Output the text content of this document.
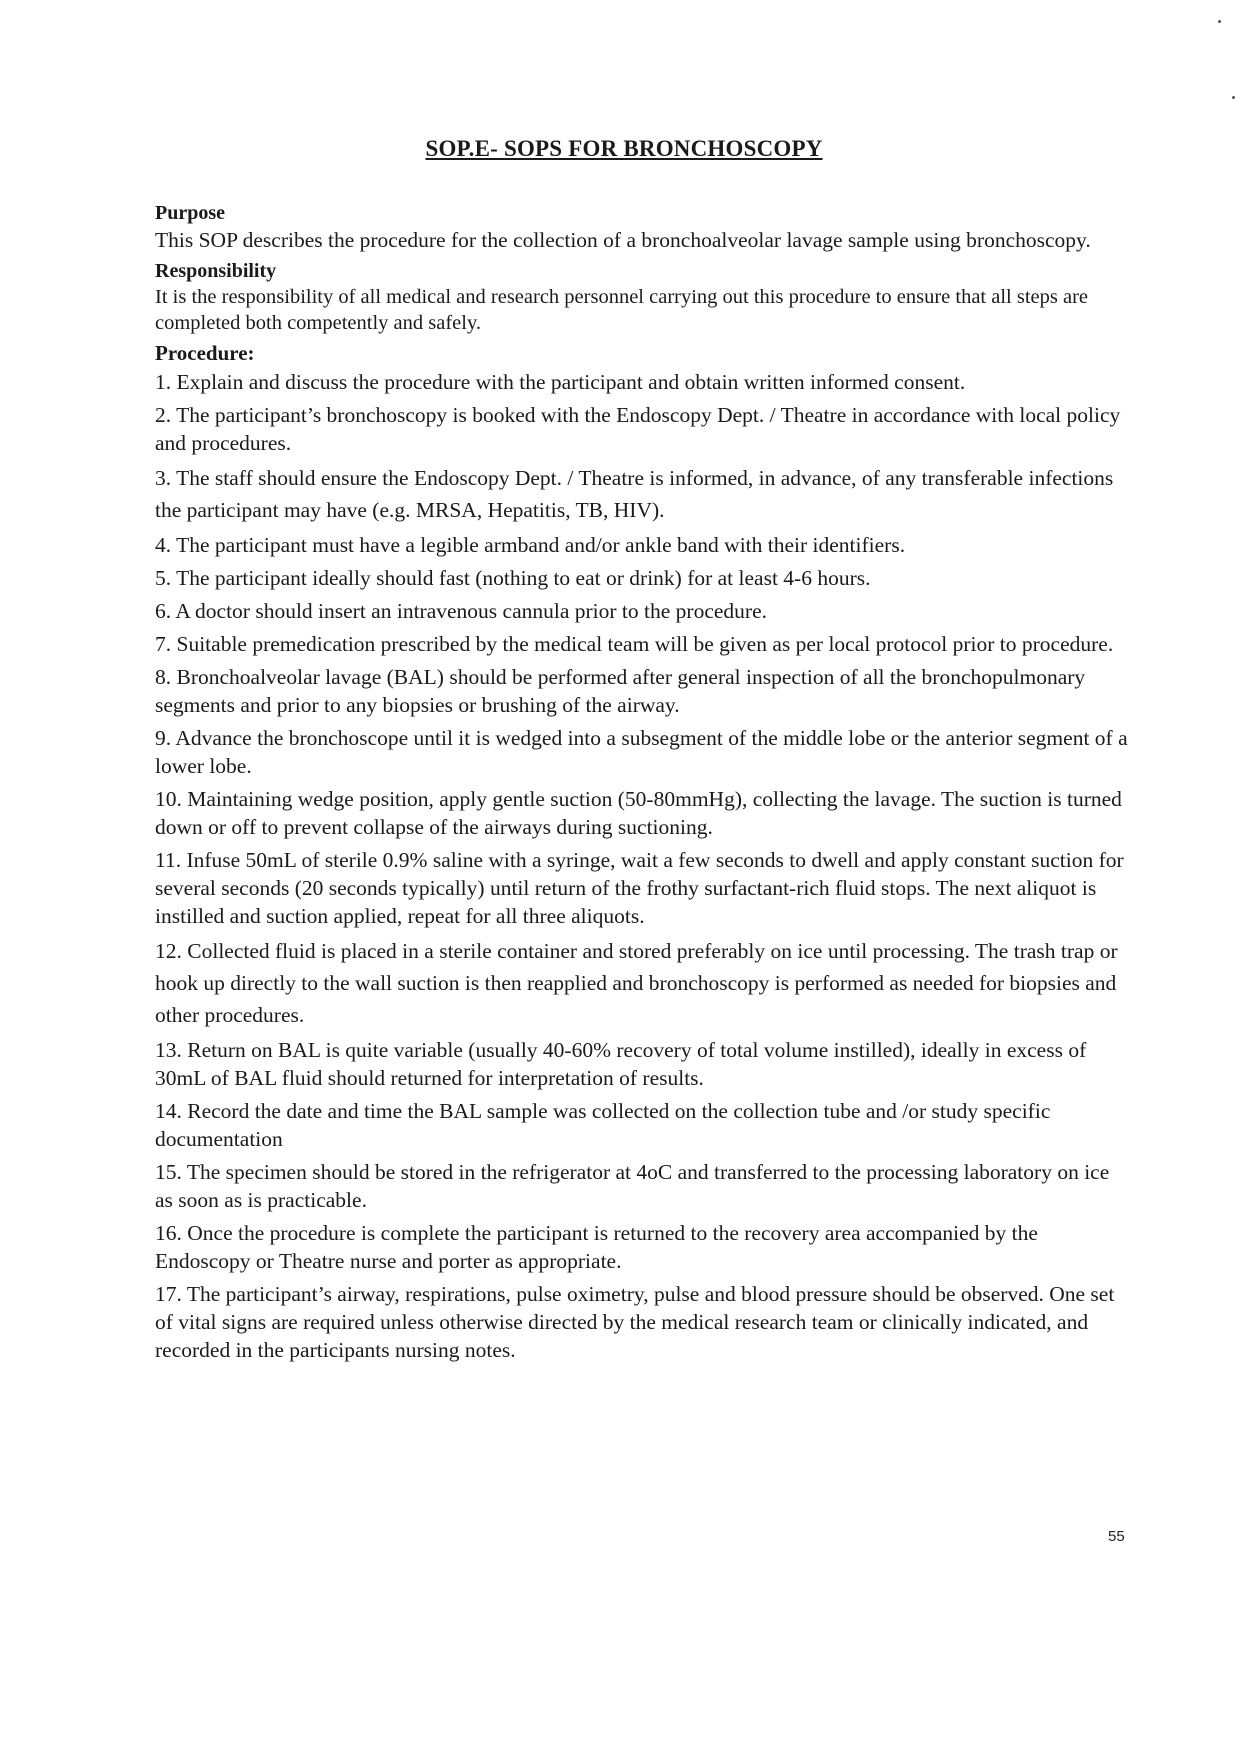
SOP.E- SOPS FOR BRONCHOSCOPY

Purpose

This SOP describes the procedure for the collection of a bronchoalveolar lavage sample using bronchoscopy.

Responsibility

It is the responsibility of all medical and research personnel carrying out this procedure to ensure that all steps are completed both competently and safely.

Procedure:

1. Explain and discuss the procedure with the participant and obtain written informed consent.

2. The participant’s bronchoscopy is booked with the Endoscopy Dept. / Theatre in accordance with local policy and procedures.

3. The staff should ensure the Endoscopy Dept. / Theatre is informed, in advance, of any transferable infections the participant may have (e.g. MRSA, Hepatitis, TB, HIV).

4. The participant must have a legible armband and/or ankle band with their identifiers.

5. The participant ideally should fast (nothing to eat or drink) for at least 4-6 hours.

6. A doctor should insert an intravenous cannula prior to the procedure.

7. Suitable premedication prescribed by the medical team will be given as per local protocol prior to procedure.

8. Bronchoalveolar lavage (BAL) should be performed after general inspection of all the bronchopulmonary segments and prior to any biopsies or brushing of the airway.

9. Advance the bronchoscope until it is wedged into a subsegment of the middle lobe or the anterior segment of a lower lobe.

10. Maintaining wedge position, apply gentle suction (50-80mmHg), collecting the lavage. The suction is turned down or off to prevent collapse of the airways during suctioning.

11. Infuse 50mL of sterile 0.9% saline with a syringe, wait a few seconds to dwell and apply constant suction for several seconds (20 seconds typically) until return of the frothy surfactant-rich fluid stops. The next aliquot is instilled and suction applied, repeat for all three aliquots.

12. Collected fluid is placed in a sterile container and stored preferably on ice until processing. The trash trap or hook up directly to the wall suction is then reapplied and bronchoscopy is performed as needed for biopsies and other procedures.

13. Return on BAL is quite variable (usually 40-60% recovery of total volume instilled), ideally in excess of 30mL of BAL fluid should returned for interpretation of results.

14. Record the date and time the BAL sample was collected on the collection tube and /or study specific documentation

15. The specimen should be stored in the refrigerator at 4oC and transferred to the processing laboratory on ice as soon as is practicable.

16. Once the procedure is complete the participant is returned to the recovery area accompanied by the Endoscopy or Theatre nurse and porter as appropriate.

17. The participant’s airway, respirations, pulse oximetry, pulse and blood pressure should be observed. One set of vital signs are required unless otherwise directed by the medical research team or clinically indicated, and recorded in the participants nursing notes.

55
